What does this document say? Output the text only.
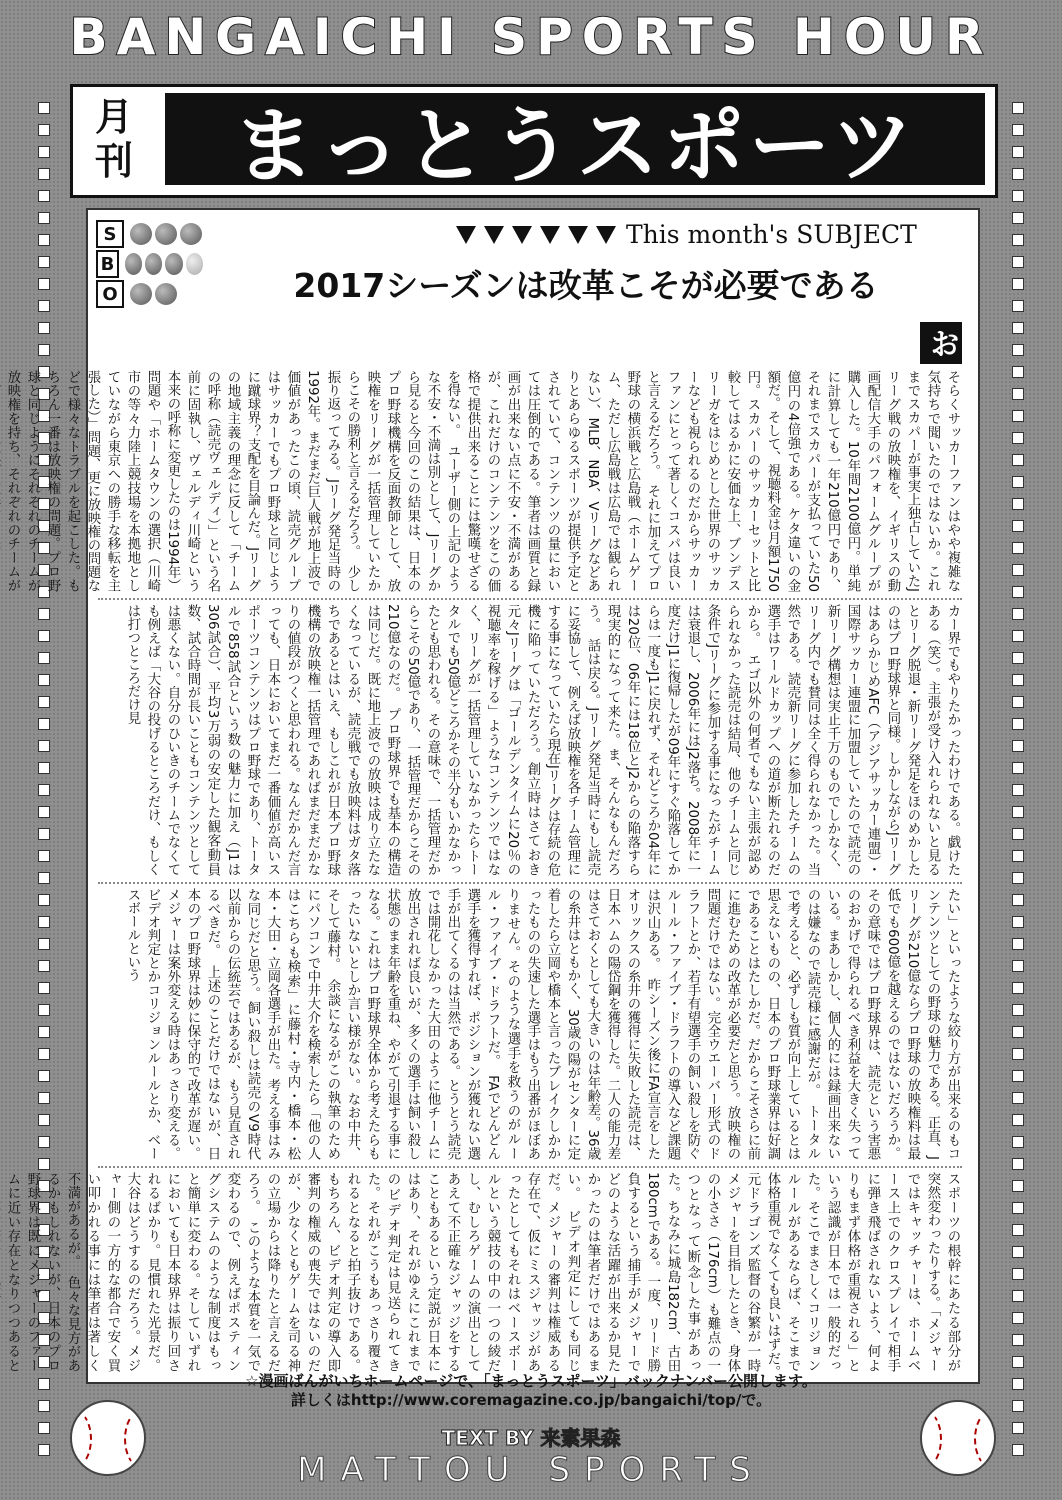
BANGAICHI SPORTS HOUR
月
刊	まっとうスポーツ
S
B
O
This month's SUBJECT
2017シーズンは改革こそが必要である
お
そらくサッカーファンはやや複雑な気持ちで聞いたのではないか。これまでスカパーが事実上独占していたJリーグ戦の放映権を、イギリスの動画配信大手のパフォームグループが購入した。10年間2100億円。単純に計算しても一年210億円であり、それまでスカパーが支払っていた50億円の4倍強である。ケタ違いの金額だ。そして、視聴料金は月額1750円。スカパーのサッカーセットと比較してはるかに安価な上、ブンデスリーガをはじめとした世界のサッカーなども視られるのだからサッカーファンにとって著しくコスパは良いと言えるだろう。　それに加えてプロ野球の横浜戦と広島戦（ホームゲーム、ただし広島戦は広島では観られない）、MLB、NBA、Vリーグなどありとあらゆるスポーツが提供予定とされていて、コンテンツの量においては圧倒的である。筆者は画質と録画が出来ない点に不安・不満があるが、これだけのコンテンツをこの価格で提供出来ることには驚嘆せざるを得ない。　ユーザー側の上記のような不安・不満は別として、Jリーグから見ると今回のこの結果は、日本のプロ野球機構を反面教師として、放映権をリーグが一括管理していたからこその勝利と言えるだろう。　少し振り返ってみる。Jリーグ発足当時の1992年。まだまだ巨人戦が地上波で価値があったこの頃、読売グループはサッカーでもプロ野球と同じように蹴球界？支配を目論んだ。Jリーグの地域主義の理念に反して「チームの呼称（読売ヴェルディ）」という名前に固執し、ヴェルディ川崎という本来の呼称に変更したのは1994年）問題や「ホームタウンの選択（川崎市の等々力陸上競技場を本拠地としていながら東京への勝手な移転を主張した）」問題、更に放映権の問題などで様々なトラブルを起こした。もちろん一番は放映権の問題。プロ野球と同じようにそれぞれのチームが放映権を持ち、それぞれのチームが
カー界でもやりたかったわけである。戯けたある（笑）。主張が受け入れられないと見るとリーグ脱退・新リーグ発足をほのめかしたのはプロ野球界と同様。しかしながらJリーグはあらかじめAFC（アジアサッカー連盟）・国際サッカー連盟に加盟していたので読売の新リーグ構想は実止千万のものでしかなく、リーグ内でも賛同は全く得られなかった。当然である。読売新リーグに参加したチームの選手はワールドカップへの道が断たれるのだから。　エゴ以外の何者でもない主張が認められなかった読売は結局、他のチームと同じ条件でJリーグに参加する事になったがチームは衰退し、2006年にはJ2落ち。2008年に一度だけJ1に復帰したが09年にすぐ陥落してからは一度もJ1に戻れず、それどころか04年には20位、06年には18位とJ2からの陥落すら現実的になって来た。ま、そんなもんだろう。　話は戻る。Jリーグ発足当時にもし読売に妥協して、例えば放映権を各チーム管理にする事になっていたら現在Jリーグは存続の危機に陥っていただろう。創立時はさておき元々Jリーグは「ゴールデンタイムに20％の視聴率を稼げる」ようなコンテンツではなく、リーグが一括管理していなかったらトータルでも50億どころかその半分もいかなかったとも思われる。その意味で、一括管理だからこその50億であり、一括管理だからこその210億なのだ。　プロ野球界でも基本の構造は同じだ。既に地上波での放映は成り立たなくなっているが、読売戦でも放映料はガタ落ちであるとはいえ、もしこれが日本プロ野球機構の放映権一括管理であればまだまだかなりの値段がつくと思われる。なんだかんだ言っても、日本においてまだ一番価値が高いスポーツコンテンツはプロ野球であり、トータルで858試合という数の魅力に加え（J1は306試合）、平均3万弱の安定した観客動員数、試合時間が長いこともコンテンツとしては悪くない。自分のひいきのチームでなくても例えば「大谷の投げるところだけ、もしくは打つところだけ見
たい」といったような絞り方が出来るのもコンテンツとしての野球の魅力である。正直、Jリーグが210億ならプロ野球の放映権料は最低でも600億を越えるのではないだろうか。その意味ではプロ野球界は、読売という害悪のおかげで得られるべき利益を大きく失っている。まあしかし、個人的には録画出来ないのは嫌なので読売様に感謝だが。　トータルで考えると、必ずしも質が向上しているとは思えないものの、日本のプロ野球業界は好調であることはたしかだ。だからこそさらに前に進むための改革が必要だと思う。放映権の問題だけではない。完全ウエーバー形式のドラフトとか、若手有望選手の飼い殺しを防ぐルール・ファイブ・ドラフトの導入など課題は沢山ある。　昨シーズン後にFA宣言をしたオリックスの糸井の獲得に失敗した読売は、日本ハムの陽岱鋼を獲得した。二人の能力差はさておくとしても大きいのは年齢差。36歳の糸井はともかく、30歳の陽がセンターに定着したら立岡や橋本と言ったブレイクしかかったものの失速した選手はもう出番がほぼありません。そのような選手を救うのがルール・ファイブ・ドラフトだ。　FAでどんどん選手を獲得すれば、ポジションが獲れない選手が出てくるのは当然である。とうとう読売では開花しなかった大田のように他チームに放出されれば良いが、多くの選手は飼い殺し状態のまま年齢を重ね、やがて引退する事になる。これはプロ野球界全体から考えたらもったいないとしか言い様がない。なお中井、そして藤村。　余談になるがこの執筆のためにパソコンで中井大介を検索したら「他の人はこちらも検索」に藤村・寺内・橋本・松本・大田・立岡各選手が出た。考える事はみな同じだと思う。飼い殺しは読売のV9時代以前からの伝統芸ではあるが、もう見直されるべきだ。　上述のことだけではないが、日本のプロ野球界は妙に保守的で改革が遅い。メジャーは案外変える時はあっさり変える。ビデオ判定とかコリジョンルールとか、ベースボールという
スポーツの根幹にあたる部分が突然変わったりする。「メジャーではキャッチャーは、ホームベース上でのクロスプレイで相手に弾き飛ばされないよう、何よりもまず体格が重視される」という認識が日本では一般的だった。そこでまさしくコリジョンルールがあるならば、そこまで体格重視でなくても良いはずだ。　元ドラゴンズ監督の谷繁が一時メジャーを目指したとき、身体の小ささ（176cm）も難点の一つとなって断念した事があった。ちなみに城島182cm、古田180cmである。一度、リード勝負するという捕手がメジャーでどのような活躍が出来るか見たかったのは筆者だけではあるまい。　ビデオ判定にしても同じだ。メジャーの審判は権威ある存在で、仮にミスジャッジがあったとしてもそれはベースボールという競技の中の一つの綾だし、むしろゲームの演出としてあえて不正確なジャッジをすることもあるという定説が日本にはあり、それがゆえにこれまでのビデオ判定は見送られてきた。それがこうもあっさり覆されるとなると拍子抜けである。もちろん、ビデオ判定の導入即審判の権威の喪失ではないのだが、少なくともゲームを司る神の立場からは降りたと言えるだろう。　このような本質を一気で変わるので、例えばポスティングシステムのような制度はもっと簡単に変わる。そしていずれにおいても日本球界は振り回されるばかり。見慣れた光景だ。大谷はどうするのだろう。メジャー側の一方的な都合で安く買い叩かれる事には筆者は著しく不満があるが。　色々な見方があるかもしれないが、日本のプロ野球界は既にメジャーのファームに近い存在となりつつあると 　
☆漫画ばんがいちホームページで、「まっとうスポーツ」バックナンバー公開します。
詳しくはhttp://www.coremagazine.co.jp/bangaichi/top/で。
TEXT BY 来素果森
MATTOU SPORTS
